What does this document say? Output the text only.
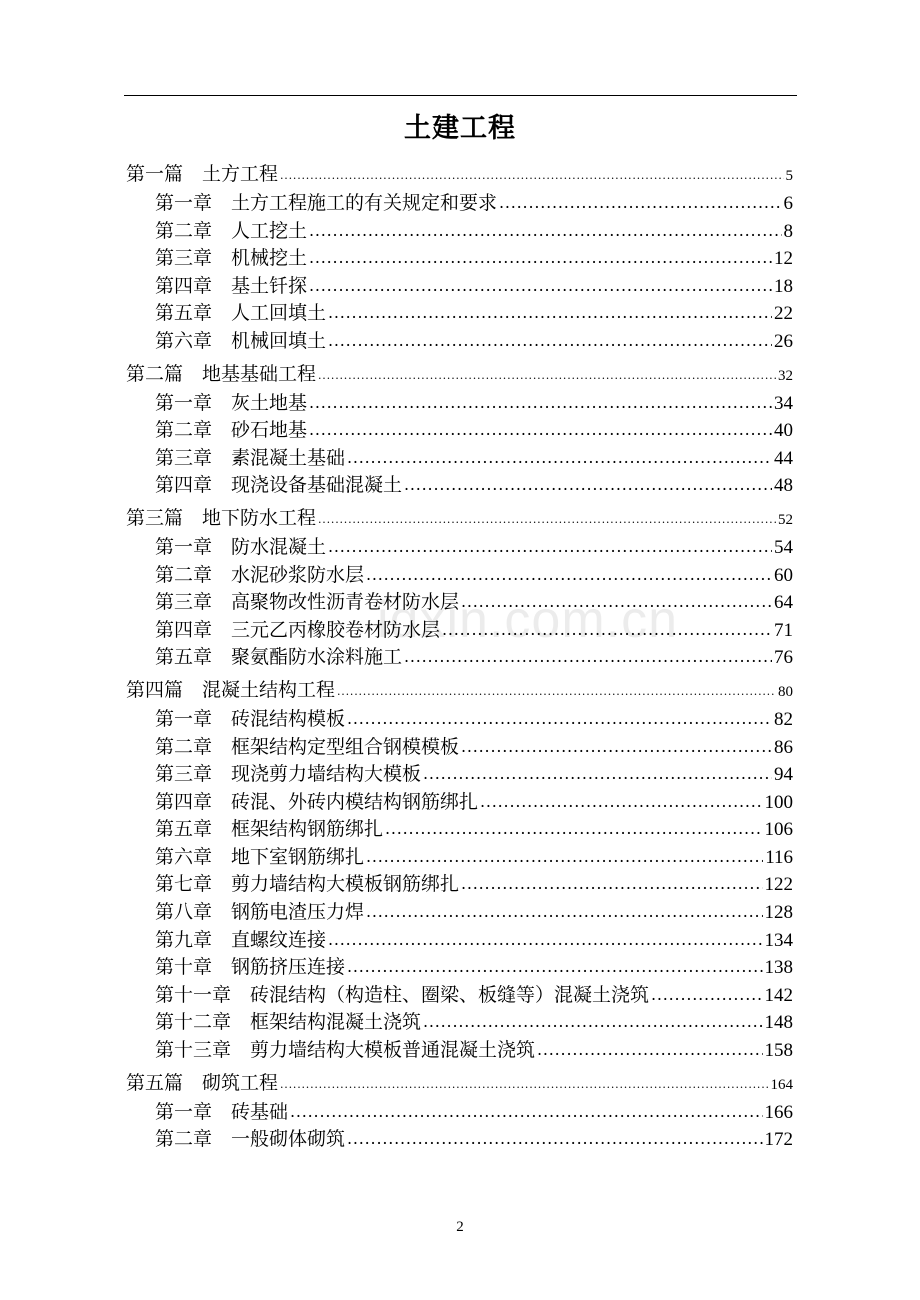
土建工程
第一篇　土方工程 .....	5
第一章　土方工程施工的有关规定和要求 .....	6
第二章　人工挖土 .....	8
第三章　机械挖土 .....	12
第四章　基土钎探 .....	18
第五章　人工回填土 .....	22
第六章　机械回填土 .....	26
第二篇　地基基础工程 .....	32
第一章　灰土地基 .....	34
第二章　砂石地基 .....	40
第三章　素混凝土基础 .....	44
第四章　现浇设备基础混凝土 .....	48
第三篇　地下防水工程 .....	52
第一章　防水混凝土 .....	54
第二章　水泥砂浆防水层 .....	60
第三章　高聚物改性沥青卷材防水层 .....	64
第四章　三元乙丙橡胶卷材防水层 .....	71
第五章　聚氨酯防水涂料施工 .....	76
第四篇　混凝土结构工程 .....	80
第一章　砖混结构模板 .....	82
第二章　框架结构定型组合钢模模板 .....	86
第三章　现浇剪力墙结构大模板 .....	94
第四章　砖混、外砖内模结构钢筋绑扎 .....	100
第五章　框架结构钢筋绑扎 .....	106
第六章　地下室钢筋绑扎 .....	116
第七章　剪力墙结构大模板钢筋绑扎 .....	122
第八章　钢筋电渣压力焊 .....	128
第九章　直螺纹连接 .....	134
第十章　钢筋挤压连接 .....	138
第十一章　砖混结构（构造柱、圈梁、板缝等）混凝土浇筑 .....	142
第十二章　框架结构混凝土浇筑 .....	148
第十三章　剪力墙结构大模板普通混凝土浇筑 .....	158
第五篇　砌筑工程 .....	164
第一章　砖基础 .....	166
第二章　一般砌体砌筑 .....	172
idxin.com.cn
2
